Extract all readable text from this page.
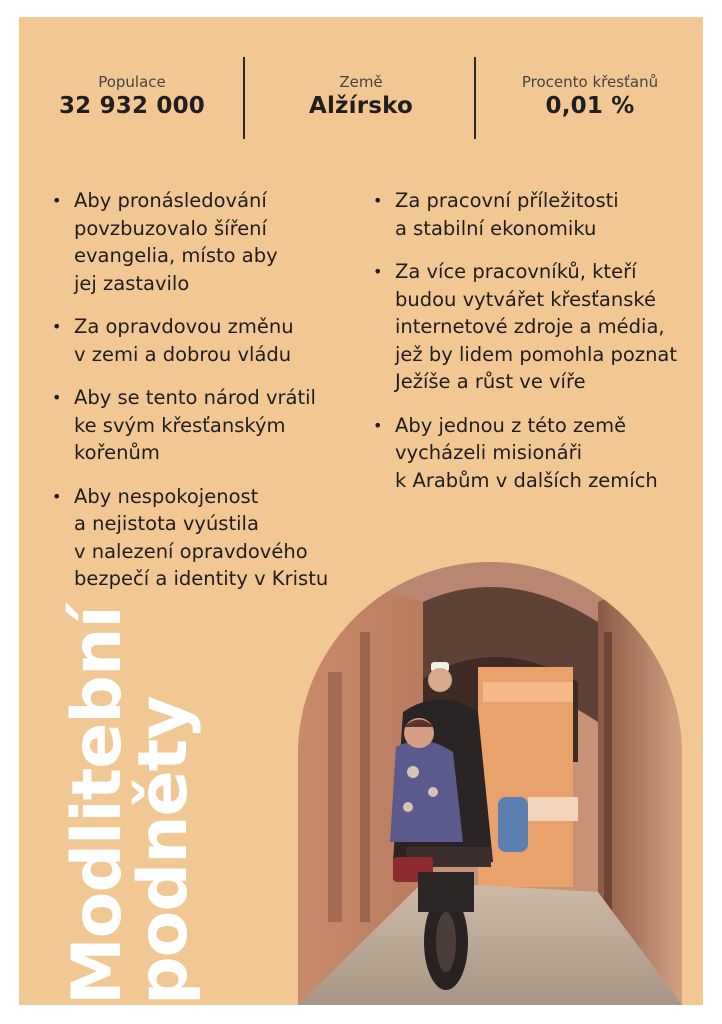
Populace
32 932 000
Země
Alžírsko
Procento křesťanů
0,01 %
• Aby pronásledování
povzbuzovalo šíření
evangelia, místo aby
jej zastavilo
• Za opravdovou změnu
v zemi a dobrou vládu
• Aby se tento národ vrátil
ke svým křesťanským
kořenům
• Aby nespokojenost
a nejistota vyústila
v nalezení opravdového
bezpečí a identity v Kristu
• Za pracovní příležitosti
a stabilní ekonomiku
• Za více pracovníků, kteří
budou vytvářet křesťanské
internetové zdroje a média,
jež by lidem pomohla poznat
Ježíše a růst ve víře
• Aby jednou z této země
vycházeli misionáři
k Arabům v dalších zemích
Modlitební
podněty
